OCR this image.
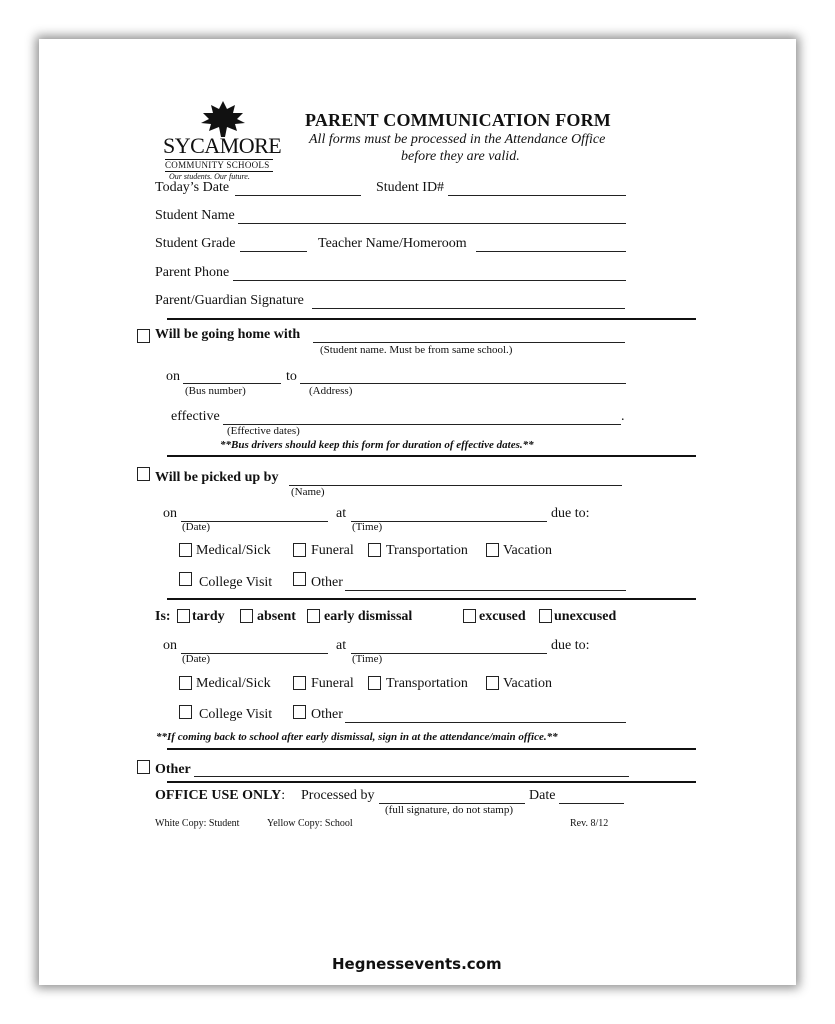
SYCAMORE
COMMUNITY SCHOOLS
Our students. Our future.
PARENT COMMUNICATION FORM
All forms must be processed in the Attendance Office
before they are valid.
Today’s Date	Student ID#
Student Name
Student Grade	Teacher Name/Homeroom
Parent Phone
Parent/Guardian Signature
Will be going home with
(Student name. Must be from same school.)
on
(Bus number)
to
(Address)
effective	.
(Effective dates)
**Bus drivers should keep this form for duration of effective dates.**
Will be picked up by
(Name)
on
(Date)
at
(Time)
due to:
Medical/Sick	Funeral Transportation	Vacation
College Visit	Other
Is: tardy absent early dismissal	excused unexcused
on
(Date)
at
(Time)
due to:
Medical/Sick	Funeral Transportation	Vacation
College Visit	Other
**If coming back to school after early dismissal, sign in at the attendance/main office.**
Other
OFFICE USE ONLY: Processed by
(full signature, do not stamp)
Date
White Copy: Student	Yellow Copy: School	Rev. 8/12
Hegnessevents.com
